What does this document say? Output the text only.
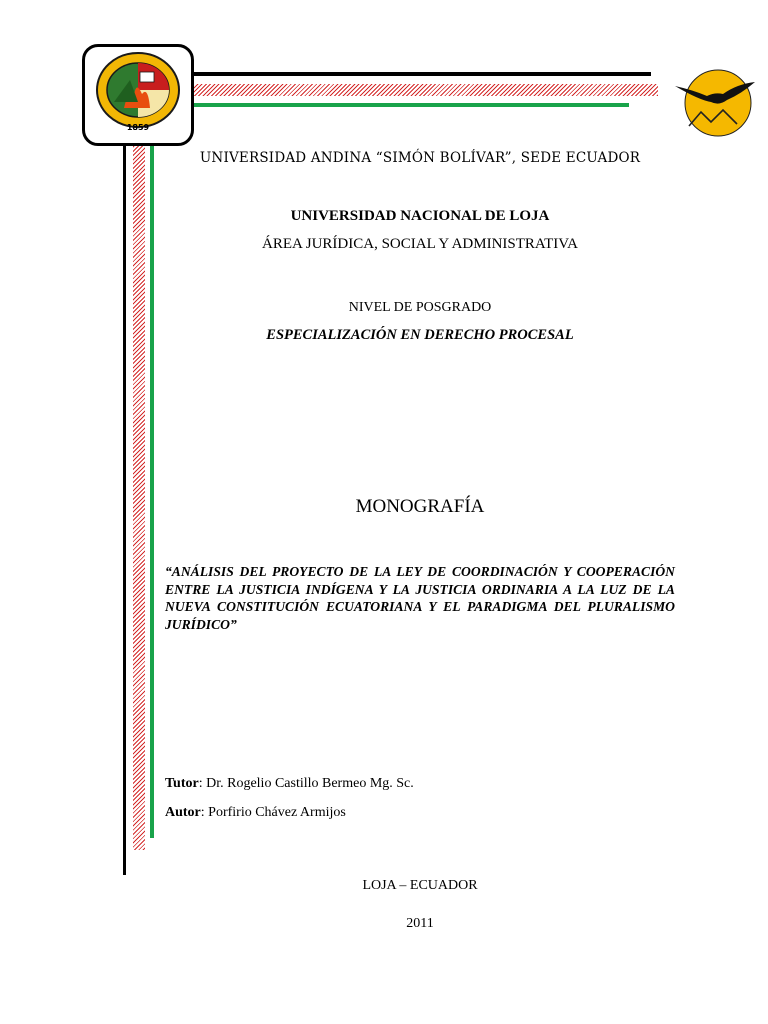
1859
UNIVERSIDAD ANDINA “SIMÓN BOLÍVAR”, SEDE ECUADOR
UNIVERSIDAD NACIONAL DE LOJA
ÁREA JURÍDICA, SOCIAL Y ADMINISTRATIVA
NIVEL DE POSGRADO
ESPECIALIZACIÓN EN DERECHO PROCESAL
MONOGRAFÍA
“ANÁLISIS DEL PROYECTO DE LA LEY DE COORDINACIÓN Y COOPERACIÓN ENTRE LA JUSTICIA INDÍGENA Y LA JUSTICIA ORDINARIA A LA LUZ DE LA NUEVA CONSTITUCIÓN ECUATORIANA Y EL PARADIGMA DEL PLURALISMO JURÍDICO”
Tutor: Dr. Rogelio Castillo Bermeo Mg. Sc.
Autor: Porfirio Chávez Armijos
LOJA – ECUADOR
2011
